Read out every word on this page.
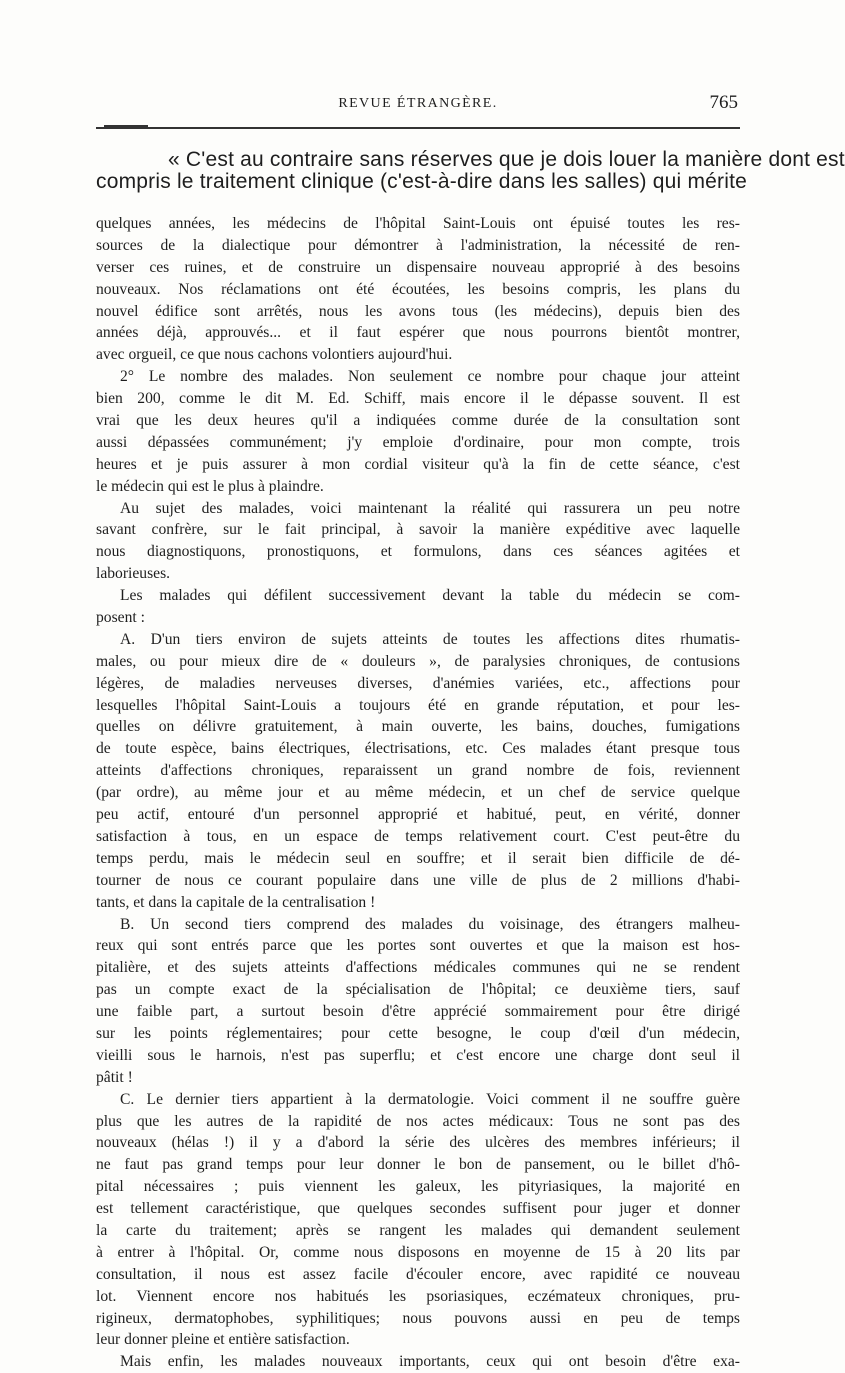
REVUE ÉTRANGÈRE.	765
« C'est au contraire sans réserves que je dois louer la manière dont est
compris le traitement clinique (c'est-à-dire dans les salles) qui mérite
quelques années, les médecins de l'hôpital Saint-Louis ont épuisé toutes les res-
sources de la dialectique pour démontrer à l'administration, la nécessité de ren-
verser ces ruines, et de construire un dispensaire nouveau approprié à des besoins
nouveaux. Nos réclamations ont été écoutées, les besoins compris, les plans du
nouvel édifice sont arrêtés, nous les avons tous (les médecins), depuis bien des
années déjà, approuvés... et il faut espérer que nous pourrons bientôt montrer,
avec orgueil, ce que nous cachons volontiers aujourd'hui.
2° Le nombre des malades. Non seulement ce nombre pour chaque jour atteint
bien 200, comme le dit M. Ed. Schiff, mais encore il le dépasse souvent. Il est
vrai que les deux heures qu'il a indiquées comme durée de la consultation sont
aussi dépassées communément; j'y emploie d'ordinaire, pour mon compte, trois
heures et je puis assurer à mon cordial visiteur qu'à la fin de cette séance, c'est
le médecin qui est le plus à plaindre.
Au sujet des malades, voici maintenant la réalité qui rassurera un peu notre
savant confrère, sur le fait principal, à savoir la manière expéditive avec laquelle
nous diagnostiquons, pronostiquons, et formulons, dans ces séances agitées et
laborieuses.
Les malades qui défilent successivement devant la table du médecin se com-
posent :
A. D'un tiers environ de sujets atteints de toutes les affections dites rhumatis-
males, ou pour mieux dire de « douleurs », de paralysies chroniques, de contusions
légères, de maladies nerveuses diverses, d'anémies variées, etc., affections pour
lesquelles l'hôpital Saint-Louis a toujours été en grande réputation, et pour les-
quelles on délivre gratuitement, à main ouverte, les bains, douches, fumigations
de toute espèce, bains électriques, électrisations, etc. Ces malades étant presque tous
atteints d'affections chroniques, reparaissent un grand nombre de fois, reviennent
(par ordre), au même jour et au même médecin, et un chef de service quelque
peu actif, entouré d'un personnel approprié et habitué, peut, en vérité, donner
satisfaction à tous, en un espace de temps relativement court. C'est peut-être du
temps perdu, mais le médecin seul en souffre; et il serait bien difficile de dé-
tourner de nous ce courant populaire dans une ville de plus de 2 millions d'habi-
tants, et dans la capitale de la centralisation !
B. Un second tiers comprend des malades du voisinage, des étrangers malheu-
reux qui sont entrés parce que les portes sont ouvertes et que la maison est hos-
pitalière, et des sujets atteints d'affections médicales communes qui ne se rendent
pas un compte exact de la spécialisation de l'hôpital; ce deuxième tiers, sauf
une faible part, a surtout besoin d'être apprécié sommairement pour être dirigé
sur les points réglementaires; pour cette besogne, le coup d'œil d'un médecin,
vieilli sous le harnois, n'est pas superflu; et c'est encore une charge dont seul il
pâtit !
C. Le dernier tiers appartient à la dermatologie. Voici comment il ne souffre guère
plus que les autres de la rapidité de nos actes médicaux: Tous ne sont pas des
nouveaux (hélas !) il y a d'abord la série des ulcères des membres inférieurs; il
ne faut pas grand temps pour leur donner le bon de pansement, ou le billet d'hô-
pital nécessaires ; puis viennent les galeux, les pityriasiques, la majorité en
est tellement caractéristique, que quelques secondes suffisent pour juger et donner
la carte du traitement; après se rangent les malades qui demandent seulement
à entrer à l'hôpital. Or, comme nous disposons en moyenne de 15 à 20 lits par
consultation, il nous est assez facile d'écouler encore, avec rapidité ce nouveau
lot. Viennent encore nos habitués les psoriasiques, eczémateux chroniques, pru-
rigineux, dermatophobes, syphilitiques; nous pouvons aussi en peu de temps
leur donner pleine et entière satisfaction.
Mais enfin, les malades nouveaux importants, ceux qui ont besoin d'être exa-
